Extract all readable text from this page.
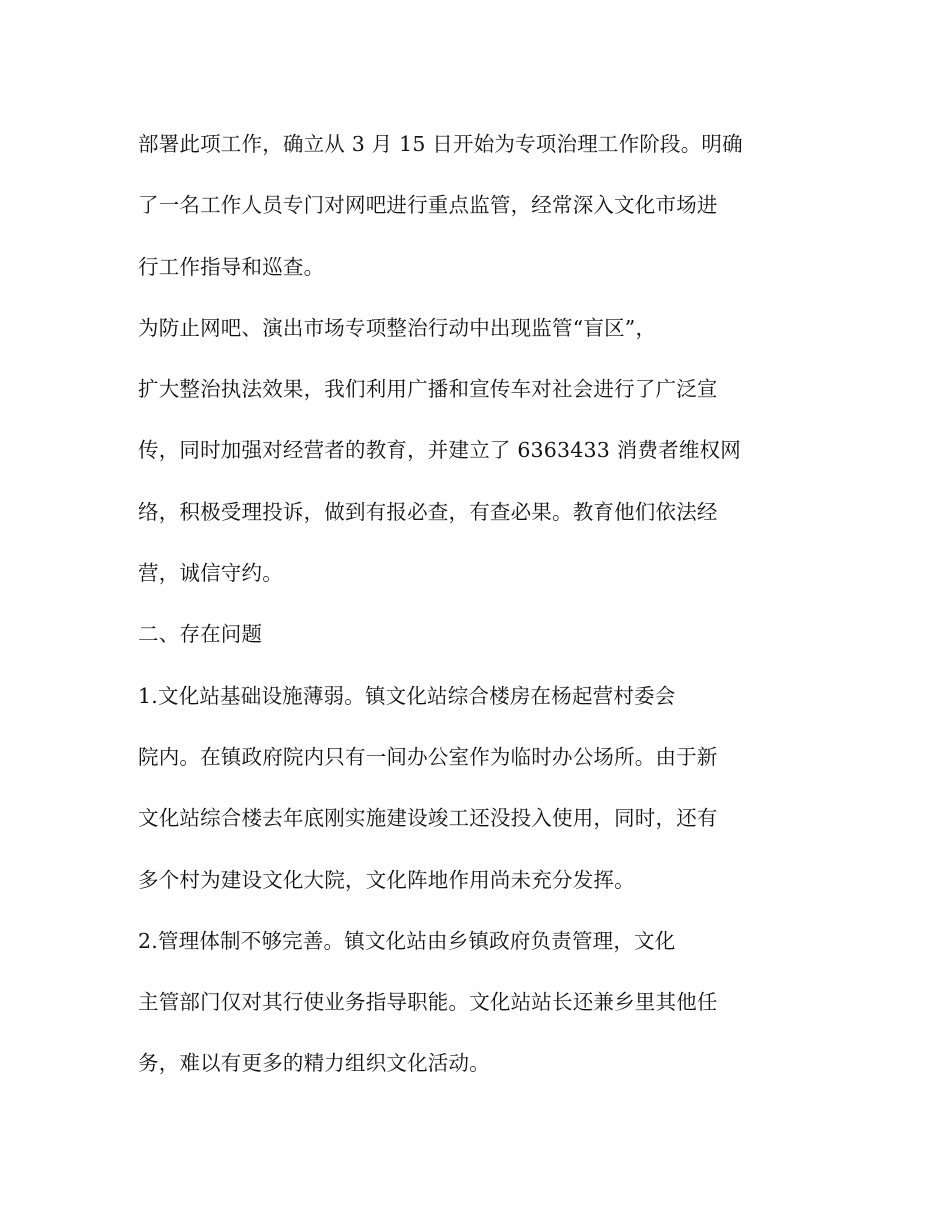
部署此项工作，确立从 3 月 15 日开始为专项治理工作阶段。明确
了一名工作人员专门对网吧进行重点监管，经常深入文化市场进
行工作指导和巡查。
为防止网吧、演出市场专项整治行动中出现监管“盲区”，
扩大整治执法效果，我们利用广播和宣传车对社会进行了广泛宣
传，同时加强对经营者的教育，并建立了 6363433 消费者维权网
络，积极受理投诉，做到有报必查，有查必果。教育他们依法经
营，诚信守约。
二、存在问题
1.文化站基础设施薄弱。镇文化站综合楼房在杨起营村委会
院内。在镇政府院内只有一间办公室作为临时办公场所。由于新
文化站综合楼去年底刚实施建设竣工还没投入使用，同时，还有
多个村为建设文化大院，文化阵地作用尚未充分发挥。
2.管理体制不够完善。镇文化站由乡镇政府负责管理，文化
主管部门仅对其行使业务指导职能。文化站站长还兼乡里其他任
务，难以有更多的精力组织文化活动。
